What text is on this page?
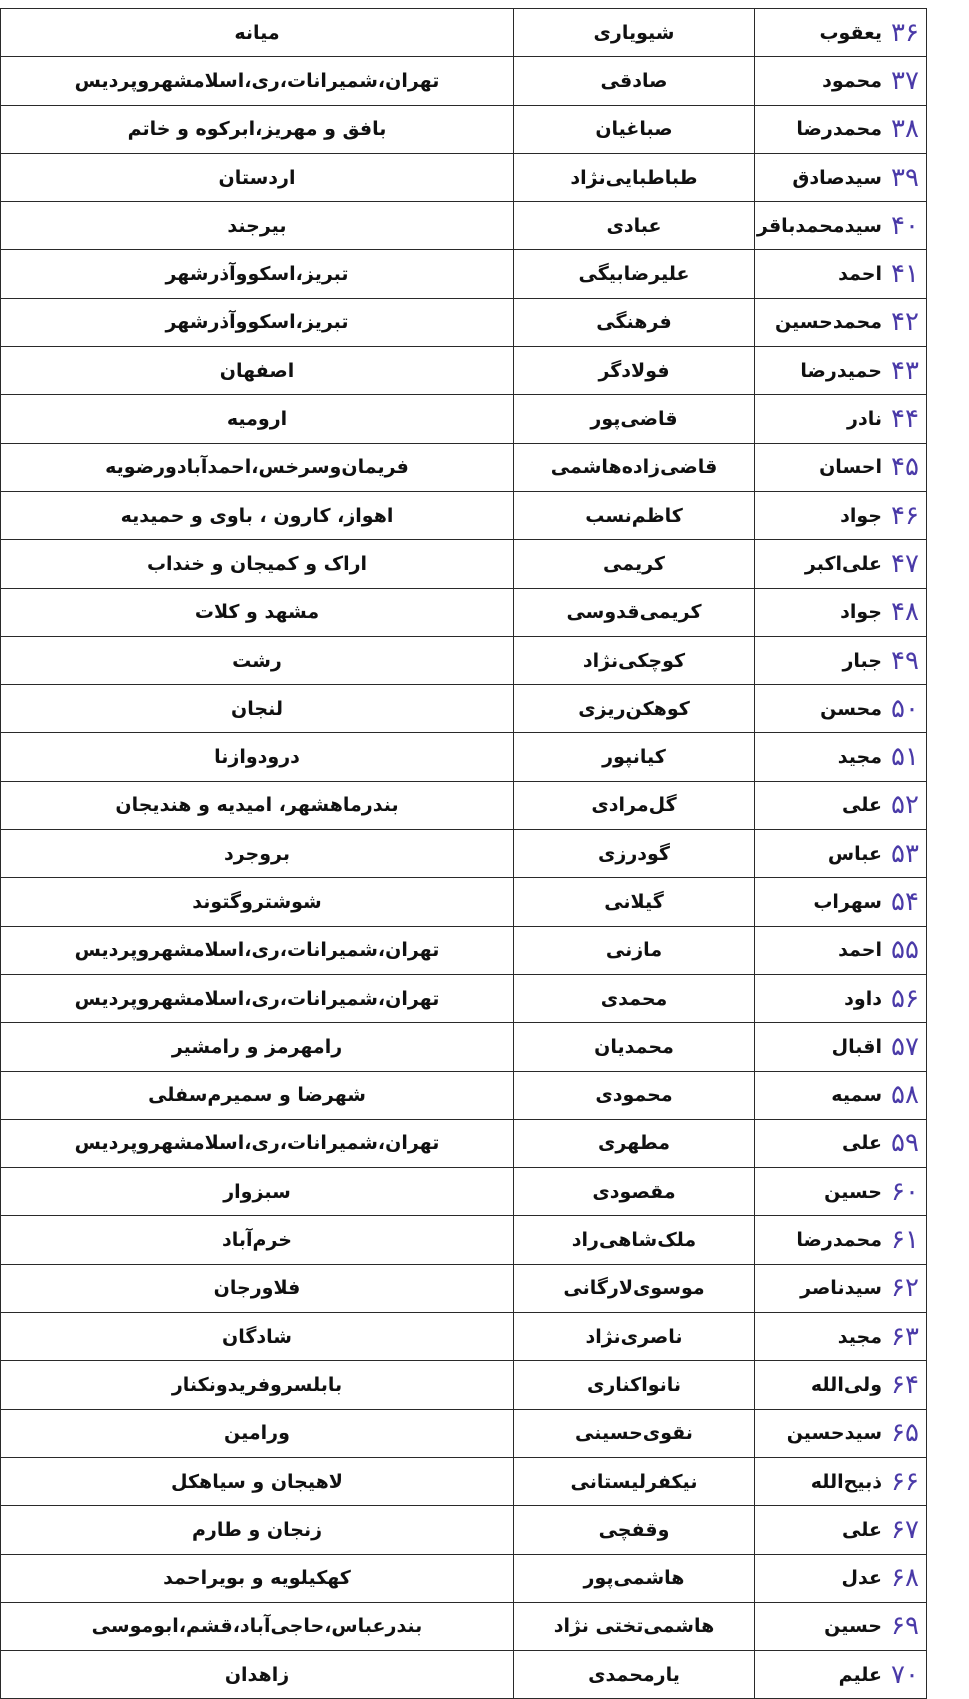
۳۶یعقوب	شیویاری	میانه
۳۷محمود	صادقی	تهران،شمیرانات،ری،اسلامشهروپردیس
۳۸محمدرضا	صباغیان	بافق و مهریز،ابرکوه و خاتم
۳۹سیدصادق	طباطبایی‌نژاد	اردستان
۴۰سیدمحمدباقر	عبادی	بیرجند
۴۱احمد	علیرضابیگی	تبریز،اسکووآذرشهر
۴۲محمدحسین	فرهنگی	تبریز،اسکووآذرشهر
۴۳حمیدرضا	فولادگر	اصفهان
۴۴نادر	قاضی‌پور	ارومیه
۴۵احسان	قاضی‌زاده‌هاشمی	فریمان‌وسرخس،احمدآبادورضویه
۴۶جواد	کاظم‌نسب	اهواز، کارون ، باوی و حمیدیه
۴۷علی‌اکبر	کریمی	اراک و کمیجان و خنداب
۴۸جواد	کریمی‌قدوسی	مشهد و کلات
۴۹جبار	کوچکی‌نژاد	رشت
۵۰محسن	کوهکن‌ریزی	لنجان
۵۱مجید	کیانپور	درودوازنا
۵۲علی	گل‌مرادی	بندرماهشهر، امیدیه و هندیجان
۵۳عباس	گودرزی	بروجرد
۵۴سهراب	گیلانی	شوشتروگتوند
۵۵احمد	مازنی	تهران،شمیرانات،ری،اسلامشهروپردیس
۵۶داود	محمدی	تهران،شمیرانات،ری،اسلامشهروپردیس
۵۷اقبال	محمدیان	رامهرمز و رامشیر
۵۸سمیه	محمودی	شهرضا و سمیرم‌سفلی
۵۹علی	مطهری	تهران،شمیرانات،ری،اسلامشهروپردیس
۶۰حسین	مقصودی	سبزوار
۶۱محمدرضا	ملک‌شاهی‌راد	خرم‌آباد
۶۲سیدناصر	موسوی‌لارگانی	فلاورجان
۶۳مجید	ناصری‌نژاد	شادگان
۶۴ولی‌الله	نانواکناری	بابلسروفریدونکنار
۶۵سیدحسین	نقوی‌حسینی	ورامین
۶۶ذبیح‌الله	نیکفرلیستانی	لاهیجان و سیاهکل
۶۷علی	وقفچی	زنجان و طارم
۶۸عدل	هاشمی‌پور	کهکیلویه و بویراحمد
۶۹حسین	هاشمی‌تختی نژاد	بندرعباس،حاجی‌آباد،قشم،ابوموسی
۷۰علیم	یارمحمدی	زاهدان
